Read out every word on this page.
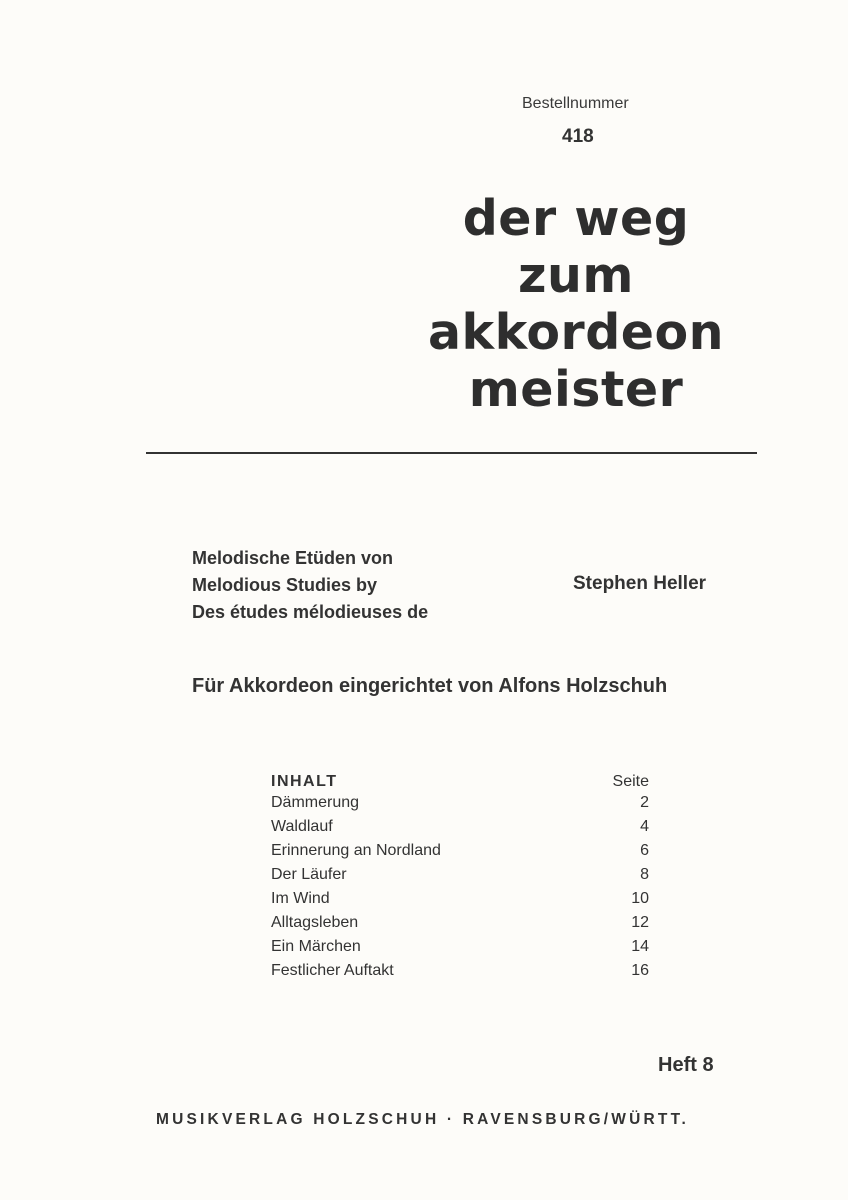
Bestellnummer
418
der weg
zum
akkordeon
meister
Melodische Etüden von
Melodious Studies by
Des études mélodieuses de
Stephen Heller
Für Akkordeon eingerichtet von Alfons Holzschuh
INHALT	Seite
Dämmerung	2
Waldlauf	4
Erinnerung an Nordland	6
Der Läufer	8
Im Wind	10
Alltagsleben	12
Ein Märchen	14
Festlicher Auftakt	16
Heft 8
MUSIKVERLAG HOLZSCHUH · RAVENSBURG/WÜRTT.
